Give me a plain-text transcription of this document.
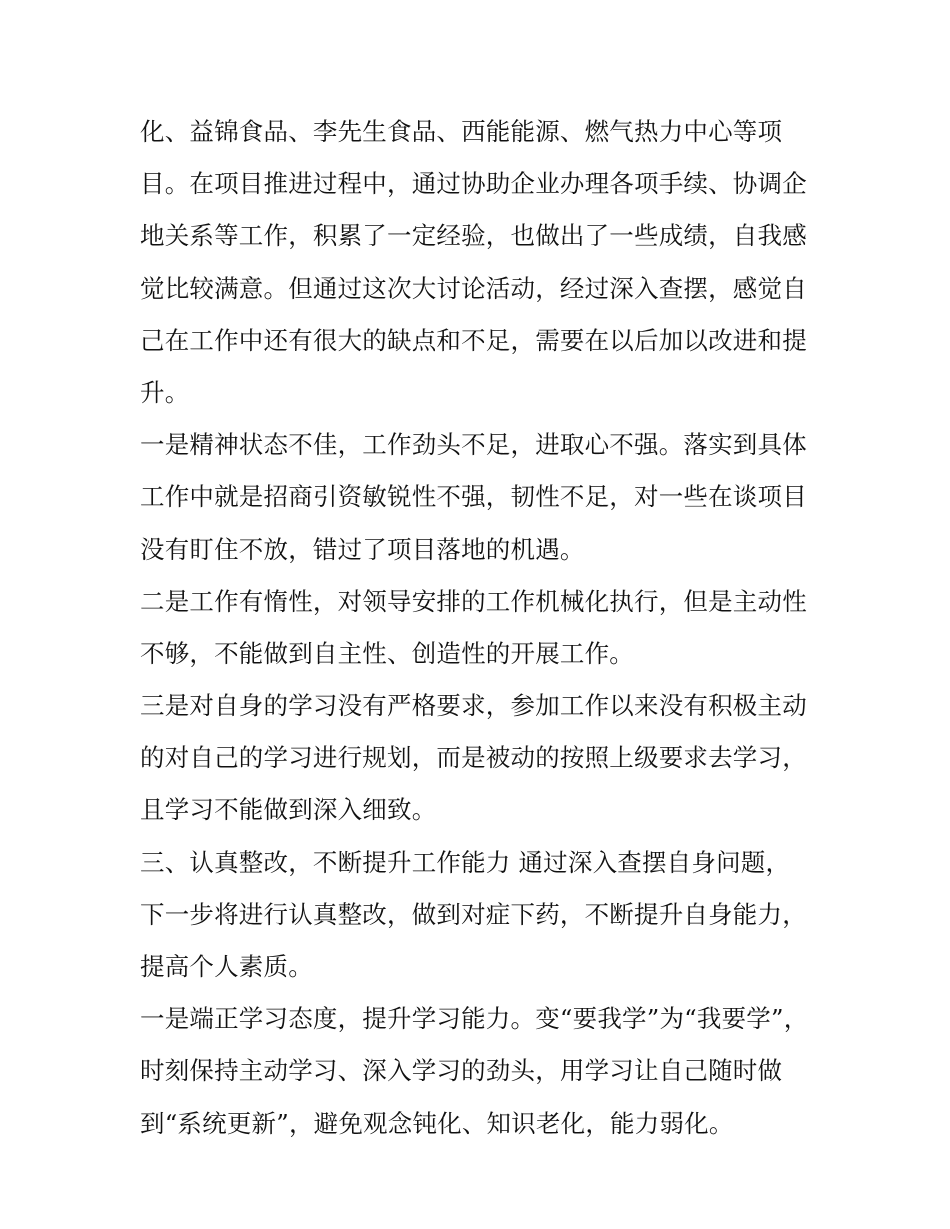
化、益锦食品、李先生食品、西能能源、燃气热力中心等项
目。在项目推进过程中，通过协助企业办理各项手续、协调企
地关系等工作，积累了一定经验，也做出了一些成绩，自我感
觉比较满意。但通过这次大讨论活动，经过深入查摆，感觉自
己在工作中还有很大的缺点和不足，需要在以后加以改进和提
升。
一是精神状态不佳，工作劲头不足，进取心不强。落实到具体
工作中就是招商引资敏锐性不强，韧性不足，对一些在谈项目
没有盯住不放，错过了项目落地的机遇。
二是工作有惰性，对领导安排的工作机械化执行，但是主动性
不够，不能做到自主性、创造性的开展工作。
三是对自身的学习没有严格要求，参加工作以来没有积极主动
的对自己的学习进行规划，而是被动的按照上级要求去学习，
且学习不能做到深入细致。
三、认真整改，不断提升工作能力 通过深入查摆自身问题，
下一步将进行认真整改，做到对症下药，不断提升自身能力，
提高个人素质。
一是端正学习态度，提升学习能力。变“要我学”为“我要学”，
时刻保持主动学习、深入学习的劲头，用学习让自己随时做
到“系统更新”，避免观念钝化、知识老化，能力弱化。
